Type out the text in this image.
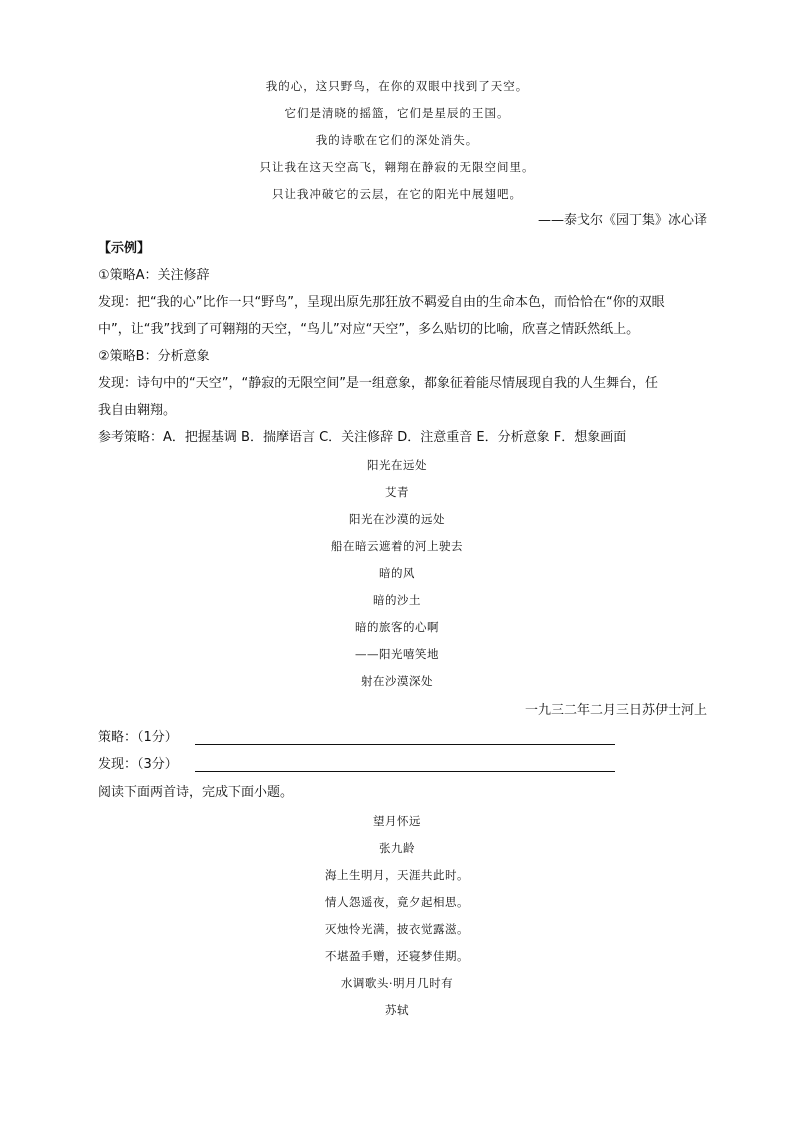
我的心，这只野鸟，在你的双眼中找到了天空。
它们是清晓的摇篮，它们是星辰的王国。
我的诗歌在它们的深处消失。
只让我在这天空高飞，翱翔在静寂的无限空间里。
只让我冲破它的云层，在它的阳光中展翅吧。
——泰戈尔《园丁集》冰心译
【示例】
①策略A：关注修辞
发现：把“我的心”比作一只“野鸟”，呈现出原先那狂放不羁爱自由的生命本色，而恰恰在“你的双眼
中”，让“我”找到了可翱翔的天空，“鸟儿”对应“天空”，多么贴切的比喻，欣喜之情跃然纸上。
②策略B：分析意象
发现：诗句中的“天空”，“静寂的无限空间”是一组意象，都象征着能尽情展现自我的人生舞台，任
我自由翱翔。
参考策略：A．把握基调 B．揣摩语言 C．关注修辞 D．注意重音 E．分析意象 F．想象画面
阳光在远处
艾青
阳光在沙漠的远处
船在暗云遮着的河上驶去
暗的风
暗的沙土
暗的旅客的心啊
——阳光嘻笑地
射在沙漠深处
一九三二年二月三日苏伊士河上
策略：（1分）
发现：（3分）
阅读下面两首诗，完成下面小题。
望月怀远
张九龄
海上生明月，天涯共此时。
情人怨遥夜，竟夕起相思。
灭烛怜光满，披衣觉露滋。
不堪盈手赠，还寝梦佳期。
水调歌头·明月几时有
苏轼
